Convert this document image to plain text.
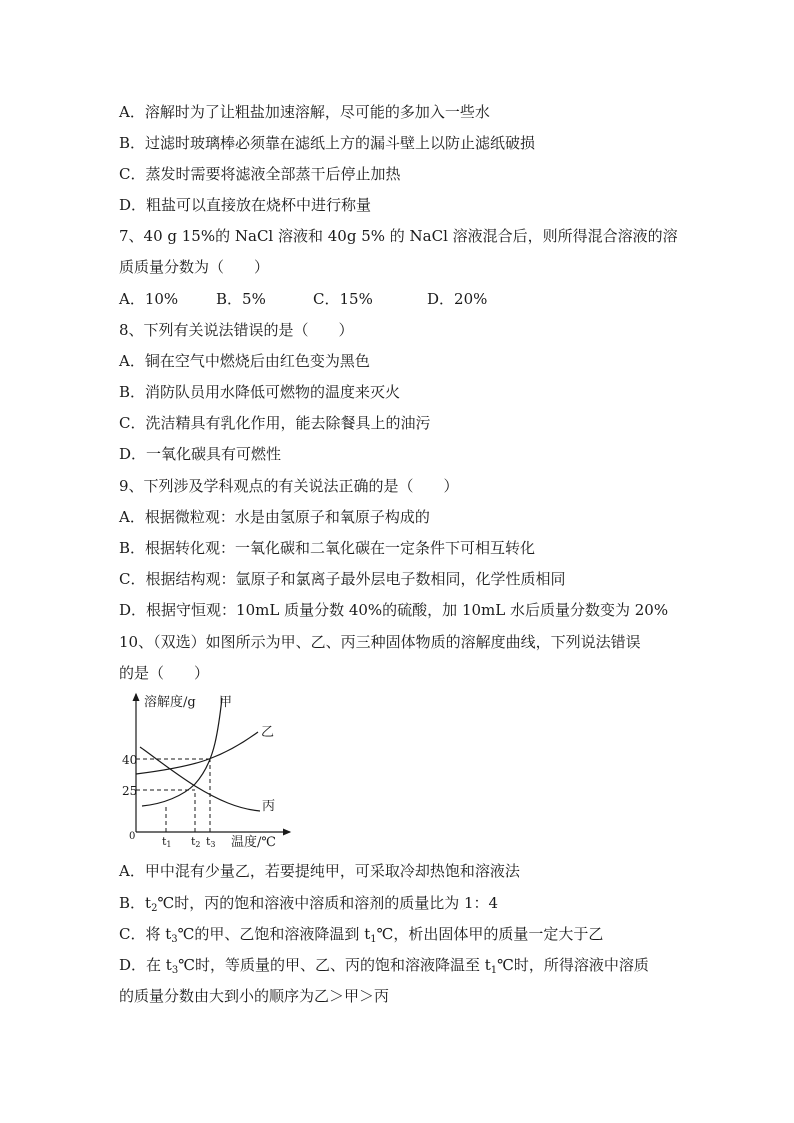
A．溶解时为了让粗盐加速溶解，尽可能的多加入一些水
B．过滤时玻璃棒必须靠在滤纸上方的漏斗壁上以防止滤纸破损
C．蒸发时需要将滤液全部蒸干后停止加热
D．粗盐可以直接放在烧杯中进行称量
7、40 g 15%的 NaCl 溶液和 40g 5% 的 NaCl 溶液混合后，则所得混合溶液的溶
质质量分数为（　　）
A．10%	B．5%	C．15%	D．20%
8、下列有关说法错误的是（　　）
A．铜在空气中燃烧后由红色变为黑色
B．消防队员用水降低可燃物的温度来灭火
C．洗洁精具有乳化作用，能去除餐具上的油污
D．一氧化碳具有可燃性
9、下列涉及学科观点的有关说法正确的是（　　）
A．根据微粒观：水是由氢原子和氧原子构成的
B．根据转化观：一氧化碳和二氧化碳在一定条件下可相互转化
C．根据结构观：氩原子和氯离子最外层电子数相同，化学性质相同
D．根据守恒观：10mL 质量分数 40%的硫酸，加 10mL 水后质量分数变为 20%
10、（双选）如图所示为甲、乙、丙三种固体物质的溶解度曲线，下列说法错误
的是（　　）
溶解度/g 甲
乙
丙
温度/℃
0 t1 t2 t3
25
40
A．甲中混有少量乙，若要提纯甲，可采取冷却热饱和溶液法
B．$t_2℃$时，丙的饱和溶液中溶质和溶剂的质量比为 1：4
C．将 $t_3℃$的甲、乙饱和溶液降温到 $t_1℃$，析出固体甲的质量一定大于乙
D．在 $t_3℃$时，等质量的甲、乙、丙的饱和溶液降温至 $t_1℃$时，所得溶液中溶质
的质量分数由大到小的顺序为乙＞甲＞丙
